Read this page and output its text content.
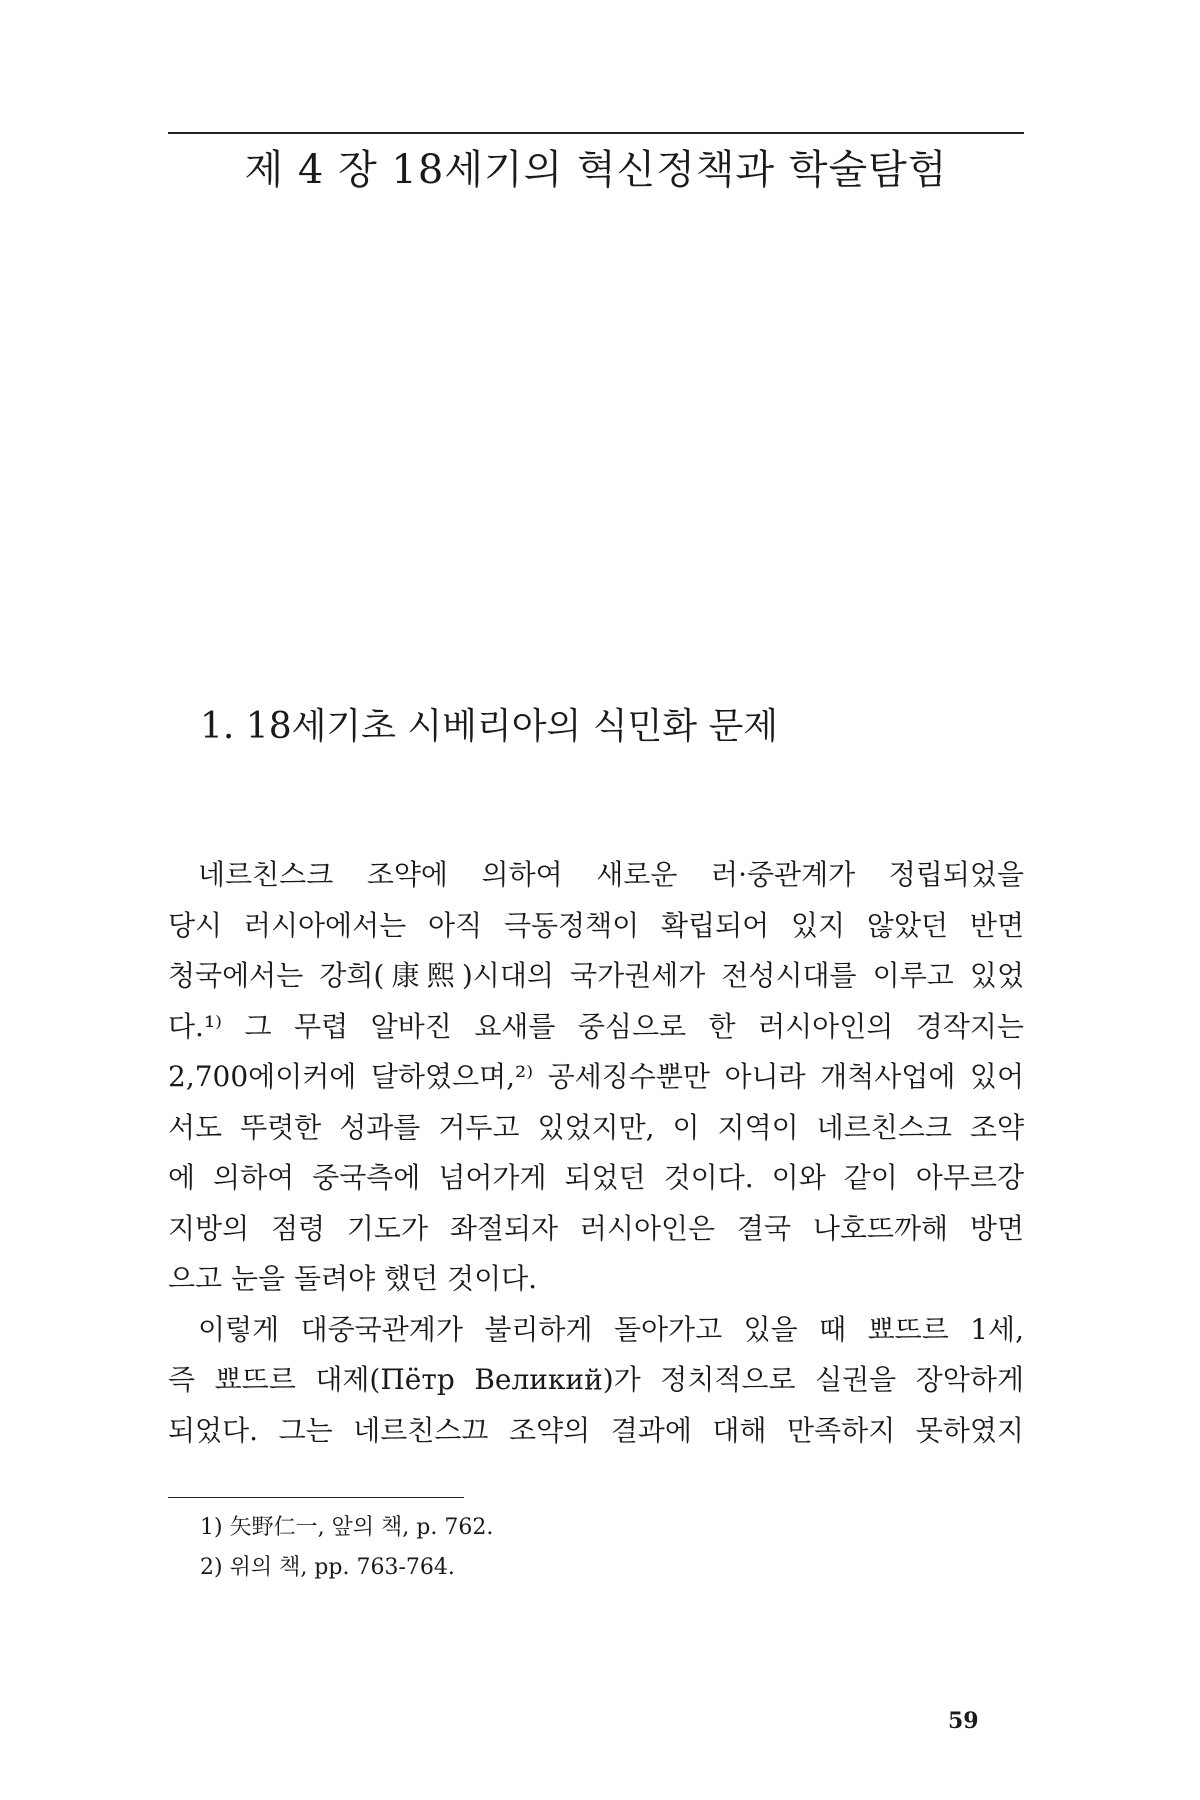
제 4 장 18세기의 혁신정책과 학술탐험
1. 18세기초 시베리아의 식민화 문제
네르친스크 조약에 의하여 새로운 러·중관계가 정립되었을
당시 러시아에서는 아직 극동정책이 확립되어 있지 않았던 반면
청국에서는 강희(康熙)시대의 국가권세가 전성시대를 이루고 있었
다.¹⁾ 그 무렵 알바진 요새를 중심으로 한 러시아인의 경작지는
2,700에이커에 달하였으며,²⁾ 공세징수뿐만 아니라 개척사업에 있어
서도 뚜렷한 성과를 거두고 있었지만, 이 지역이 네르친스크 조약
에 의하여 중국측에 넘어가게 되었던 것이다. 이와 같이 아무르강
지방의 점령 기도가 좌절되자 러시아인은 결국 나호뜨까해 방면
으고 눈을 돌려야 했던 것이다.
이렇게 대중국관계가 불리하게 돌아가고 있을 때 뾰뜨르 1세,
즉 뾰뜨르 대제(Пётр Великий)가 정치적으로 실권을 장악하게
되었다. 그는 네르친스끄 조약의 결과에 대해 만족하지 못하였지
1) 矢野仁一, 앞의 책, p. 762.
2) 위의 책, pp. 763-764.
59
